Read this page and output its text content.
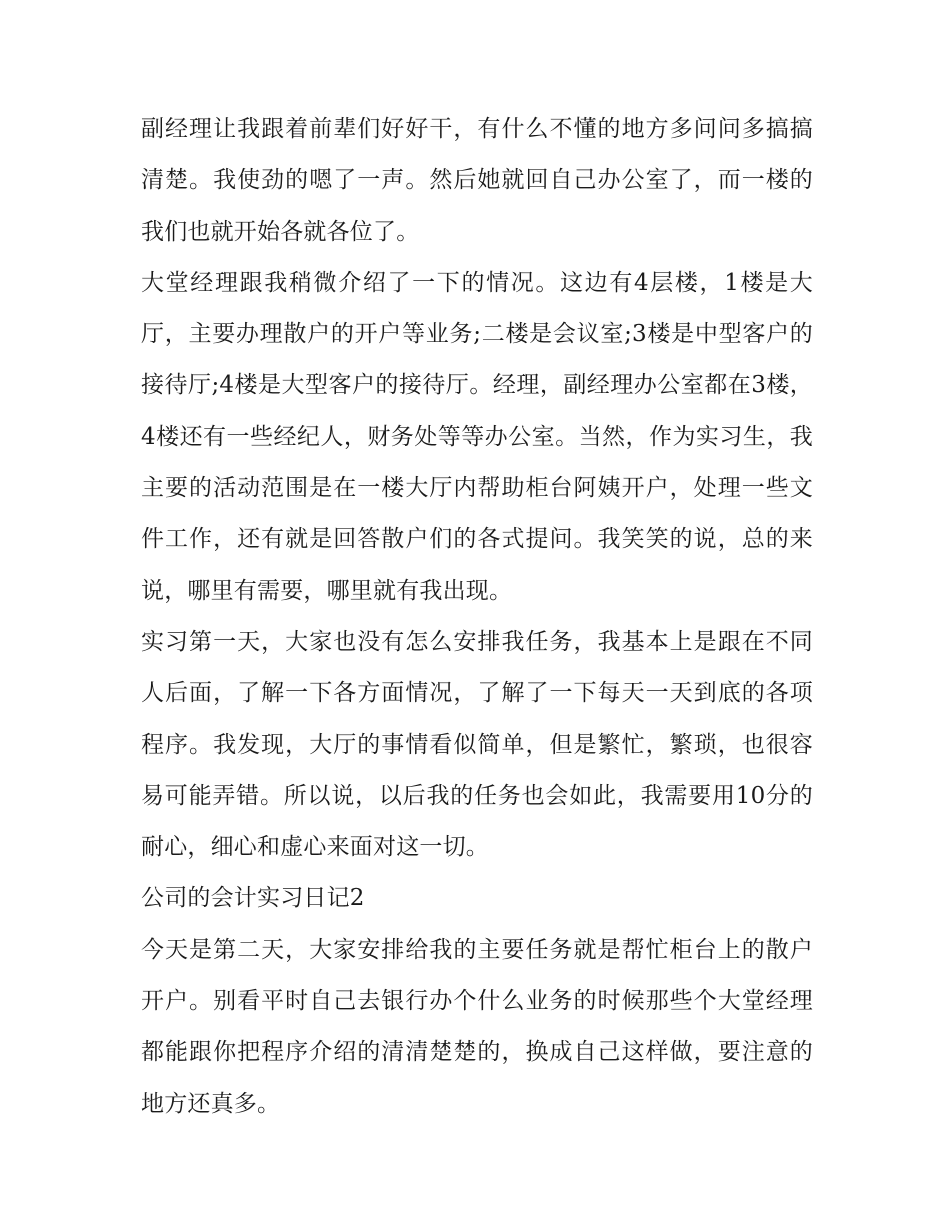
副经理让我跟着前辈们好好干，有什么不懂的地方多问问多搞搞清楚。我使劲的嗯了一声。然后她就回自己办公室了，而一楼的我们也就开始各就各位了。

大堂经理跟我稍微介绍了一下的情况。这边有4层楼，1楼是大厅，主要办理散户的开户等业务;二楼是会议室;3楼是中型客户的接待厅;4楼是大型客户的接待厅。经理，副经理办公室都在3楼，4楼还有一些经纪人，财务处等等办公室。当然，作为实习生，我主要的活动范围是在一楼大厅内帮助柜台阿姨开户，处理一些文件工作，还有就是回答散户们的各式提问。我笑笑的说，总的来说，哪里有需要，哪里就有我出现。

实习第一天，大家也没有怎么安排我任务，我基本上是跟在不同人后面，了解一下各方面情况，了解了一下每天一天到底的各项程序。我发现，大厅的事情看似简单，但是繁忙，繁琐，也很容易可能弄错。所以说，以后我的任务也会如此，我需要用10分的耐心，细心和虚心来面对这一切。

公司的会计实习日记2

今天是第二天，大家安排给我的主要任务就是帮忙柜台上的散户开户。别看平时自己去银行办个什么业务的时候那些个大堂经理都能跟你把程序介绍的清清楚楚的，换成自己这样做，要注意的地方还真多。
